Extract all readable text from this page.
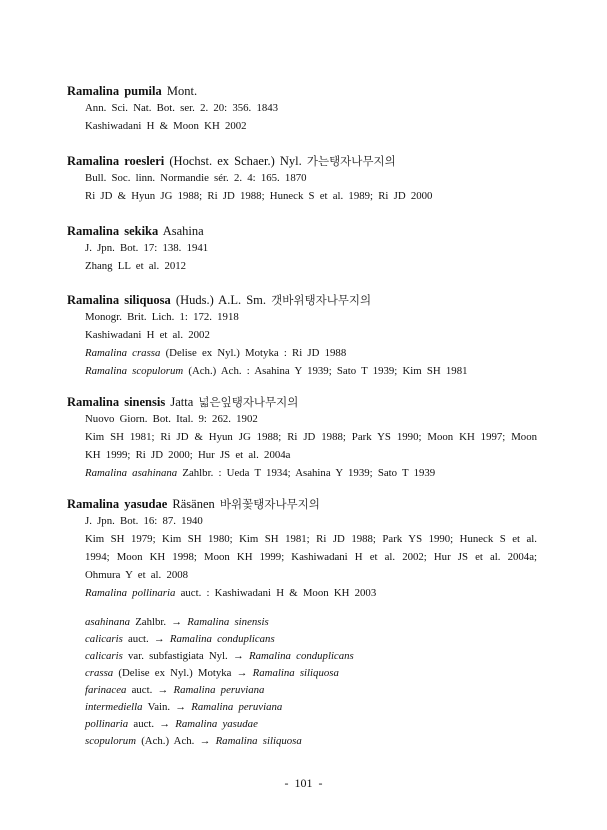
Ramalina pumila Mont.
Ann. Sci. Nat. Bot. ser. 2. 20: 356. 1843
Kashiwadani H & Moon KH 2002
Ramalina roesleri (Hochst. ex Schaer.) Nyl. 가는탱자나무지의
Bull. Soc. linn. Normandie sér. 2. 4: 165. 1870
Ri JD & Hyun JG 1988; Ri JD 1988; Huneck S et al. 1989; Ri JD 2000
Ramalina sekika Asahina
J. Jpn. Bot. 17: 138. 1941
Zhang LL et al. 2012
Ramalina siliquosa (Huds.) A.L. Sm. 갯바위탱자나무지의
Monogr. Brit. Lich. 1: 172. 1918
Kashiwadani H et al. 2002
Ramalina crassa (Delise ex Nyl.) Motyka : Ri JD 1988
Ramalina scopulorum (Ach.) Ach. : Asahina Y 1939; Sato T 1939; Kim SH 1981
Ramalina sinensis Jatta 넓은잎탱자나무지의
Nuovo Giorn. Bot. Ital. 9: 262. 1902
Kim SH 1981; Ri JD & Hyun JG 1988; Ri JD 1988; Park YS 1990; Moon KH 1997; Moon KH 1999; Ri JD 2000; Hur JS et al. 2004a
Ramalina asahinana Zahlbr. : Ueda T 1934; Asahina Y 1939; Sato T 1939
Ramalina yasudae Räsänen 바위꽃탱자나무지의
J. Jpn. Bot. 16: 87. 1940
Kim SH 1979; Kim SH 1980; Kim SH 1981; Ri JD 1988; Park YS 1990; Huneck S et al. 1994; Moon KH 1998; Moon KH 1999; Kashiwadani H et al. 2002; Hur JS et al. 2004a; Ohmura Y et al. 2008
Ramalina pollinaria auct. : Kashiwadani H & Moon KH 2003
asahinana Zahlbr. → Ramalina sinensis
calicaris auct. → Ramalina conduplicans
calicaris var. subfastigiata Nyl. → Ramalina conduplicans
crassa (Delise ex Nyl.) Motyka → Ramalina siliquosa
farinacea auct. → Ramalina peruviana
intermediella Vain. → Ramalina peruviana
pollinaria auct. → Ramalina yasudae
scopulorum (Ach.) Ach. → Ramalina siliquosa
- 101 -
